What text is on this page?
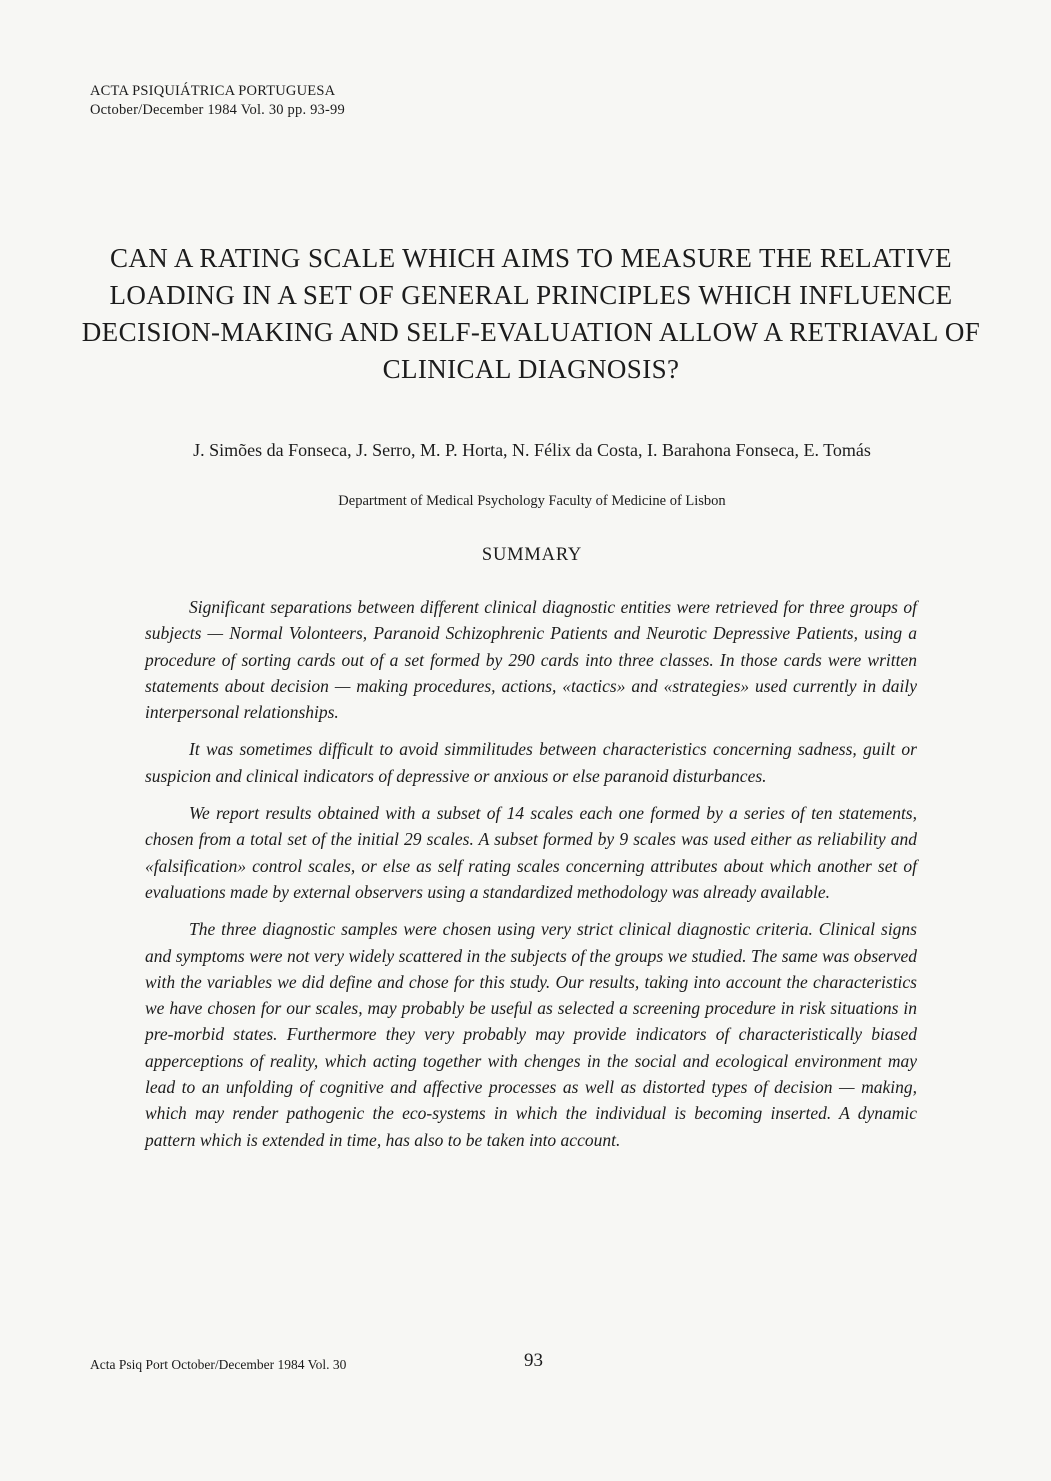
ACTA PSIQUIÁTRICA PORTUGUESA
October/December 1984 Vol. 30 pp. 93-99
CAN A RATING SCALE WHICH AIMS TO MEASURE THE RELATIVE LOADING IN A SET OF GENERAL PRINCIPLES WHICH INFLUENCE DECISION-MAKING AND SELF-EVALUATION ALLOW A RETRIAVAL OF CLINICAL DIAGNOSIS?
J. Simões da Fonseca, J. Serro, M. P. Horta, N. Félix da Costa, I. Barahona Fonseca, E. Tomás
Department of Medical Psychology Faculty of Medicine of Lisbon
SUMMARY

Significant separations between different clinical diagnostic entities were retrieved for three groups of subjects — Normal Volonteers, Paranoid Schizophrenic Patients and Neurotic Depressive Patients, using a procedure of sorting cards out of a set formed by 290 cards into three classes. In those cards were written statements about decision — making procedures, actions, «tactics» and «strategies» used currently in daily interpersonal relationships.

It was sometimes difficult to avoid simmilitudes between characteristics concerning sadness, guilt or suspicion and clinical indicators of depressive or anxious or else paranoid disturbances.

We report results obtained with a subset of 14 scales each one formed by a series of ten statements, chosen from a total set of the initial 29 scales. A subset formed by 9 scales was used either as reliability and «falsification» control scales, or else as self rating scales concerning attributes about which another set of evaluations made by external observers using a standardized methodology was already available.

The three diagnostic samples were chosen using very strict clinical diagnostic criteria. Clinical signs and symptoms were not very widely scattered in the subjects of the groups we studied. The same was observed with the variables we did define and chose for this study. Our results, taking into account the characteristics we have chosen for our scales, may probably be useful as selected a screening procedure in risk situations in pre-morbid states. Furthermore they very probably may provide indicators of characteristically biased apperceptions of reality, which acting together with chenges in the social and ecological environment may lead to an unfolding of cognitive and affective processes as well as distorted types of decision — making, which may render pathogenic the eco-systems in which the individual is becoming inserted. A dynamic pattern which is extended in time, has also to be taken into account.

Acta Psiq Port October/December 1984 Vol. 30	93
